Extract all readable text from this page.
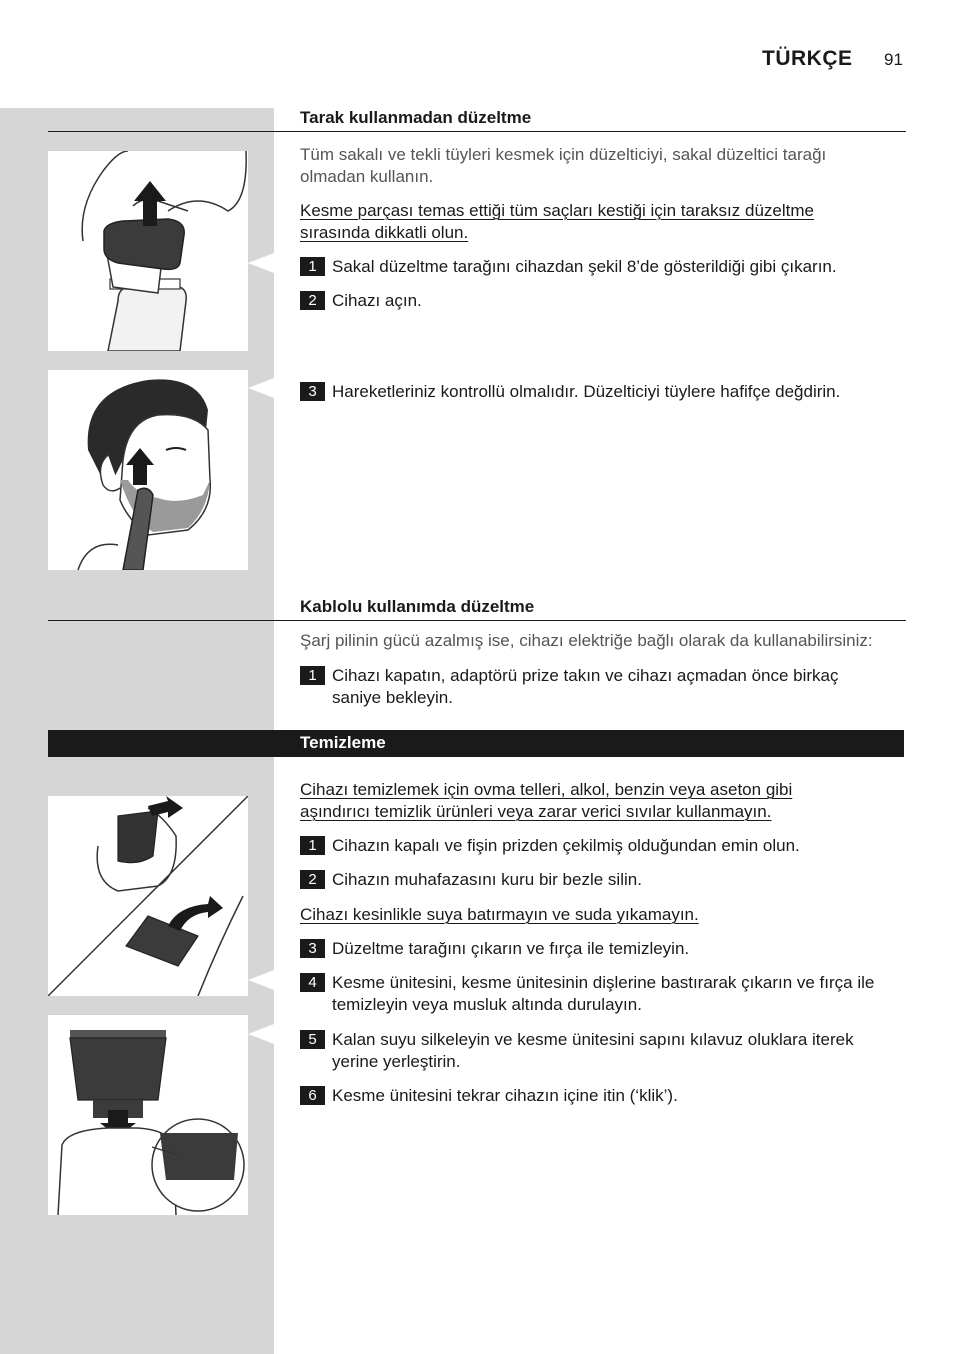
TÜRKÇE 91
Tarak kullanmadan düzeltme
Tüm sakalı ve tekli tüyleri kesmek için düzelticiyi, sakal düzeltici tarağı olmadan kullanın.
Kesme parçası temas ettiği tüm saçları kestiği için taraksız düzeltme sırasında dikkatli olun.
1 Sakal düzeltme tarağını cihazdan şekil 8’de gösterildiği gibi çıkarın.
2 Cihazı açın.
3 Hareketleriniz kontrollü olmalıdır. Düzelticiyi tüylere hafifçe değdirin.
Kablolu kullanımda düzeltme
Şarj pilinin gücü azalmış ise, cihazı elektriğe bağlı olarak da kullanabilirsiniz:
1 Cihazı kapatın, adaptörü prize takın ve cihazı açmadan önce birkaç saniye bekleyin.
Temizleme
Cihazı temizlemek için ovma telleri, alkol, benzin veya aseton gibi aşındırıcı temizlik ürünleri veya zarar verici sıvılar kullanmayın.
1 Cihazın kapalı ve fişin prizden çekilmiş olduğundan emin olun.
2 Cihazın muhafazasını kuru bir bezle silin.
Cihazı kesinlikle suya batırmayın ve suda yıkamayın.
3 Düzeltme tarağını çıkarın ve fırça ile temizleyin.
4 Kesme ünitesini, kesme ünitesinin dişlerine bastırarak çıkarın ve fırça ile temizleyin veya musluk altında durulayın.
5 Kalan suyu silkeleyin ve kesme ünitesini sapını kılavuz oluklara iterek yerine yerleştirin.
6 Kesme ünitesini tekrar cihazın içine itin (‘klik’).
